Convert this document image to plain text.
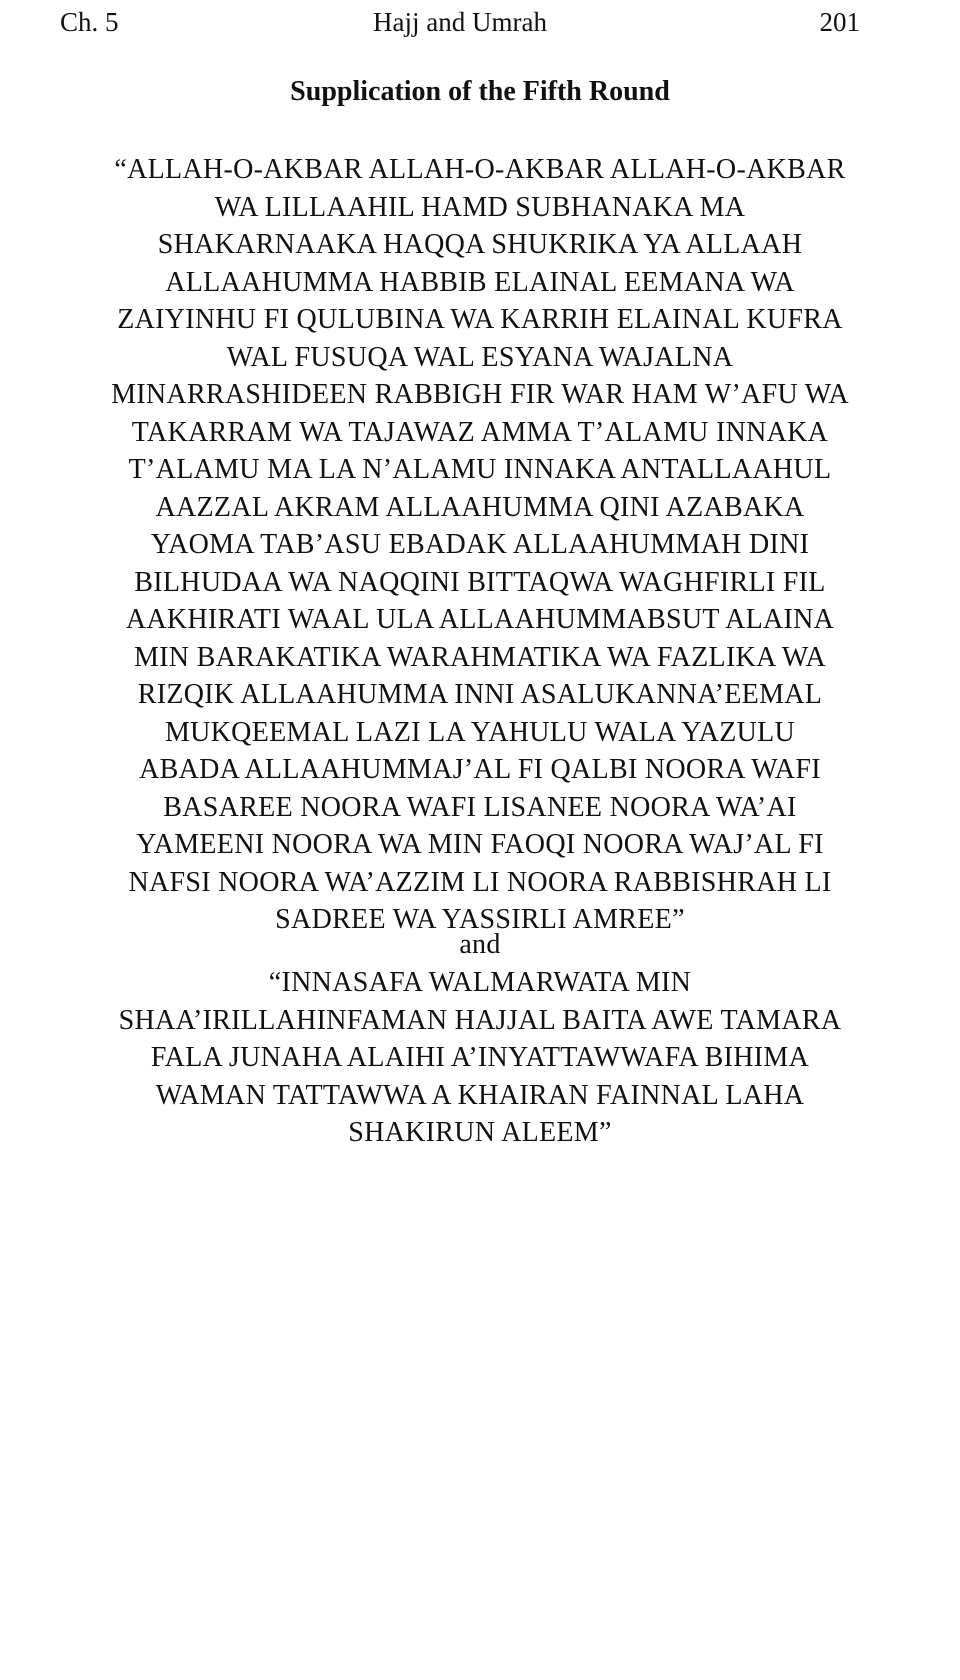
Ch. 5	Hajj and Umrah	201
Supplication of the Fifth Round
“ALLAH-O-AKBAR ALLAH-O-AKBAR ALLAH-O-AKBAR
WA LILLAAHIL HAMD SUBHANAKA MA
SHAKARNAAKA HAQQA SHUKRIKA YA ALLAAH
ALLAAHUMMA HABBIB ELAINAL EEMANA WA
ZAIYINHU FI QULUBINA WA KARRIH ELAINAL KUFRA
WAL FUSUQA WAL ESYANA WAJALNA
MINARRASHIDEEN RABBIGH FIR WAR HAM W’AFU WA
TAKARRAM WA TAJAWAZ AMMA T’ALAMU INNAKA
T’ALAMU MA LA N’ALAMU INNAKA ANTALLAAHUL
AAZZAL AKRAM ALLAAHUMMA QINI AZABAKA
YAOMA TAB’ASU EBADAK ALLAAHUMMAH DINI
BILHUDAA WA NAQQINI BITTAQWA WAGHFIRLI FIL
AAKHIRATI WAAL ULA ALLAAHUMMABSUT ALAINA
MIN BARAKATIKA WARAHMATIKA WA FAZLIKA WA
RIZQIK ALLAAHUMMA INNI ASALUKANNA’EEMAL
MUKQEEMAL LAZI LA YAHULU WALA YAZULU
ABADA ALLAAHUMMAJ’AL FI QALBI NOORA WAFI
BASAREE NOORA WAFI LISANEE NOORA WA’AI
YAMEENI NOORA WA MIN FAOQI NOORA WAJ’AL FI
NAFSI NOORA WA’AZZIM LI NOORA RABBISHRAH LI
SADREE WA YASSIRLI AMREE”
and
“INNASAFA WALMARWATA MIN
SHAA’IRILLAHINFAMAN HAJJAL BAITA AWE TAMARA
FALA JUNAHA ALAIHI A’INYATTAWWAFA BIHIMA
WAMAN TATTAWWA A KHAIRAN FAINNAL LAHA
SHAKIRUN ALEEM”
